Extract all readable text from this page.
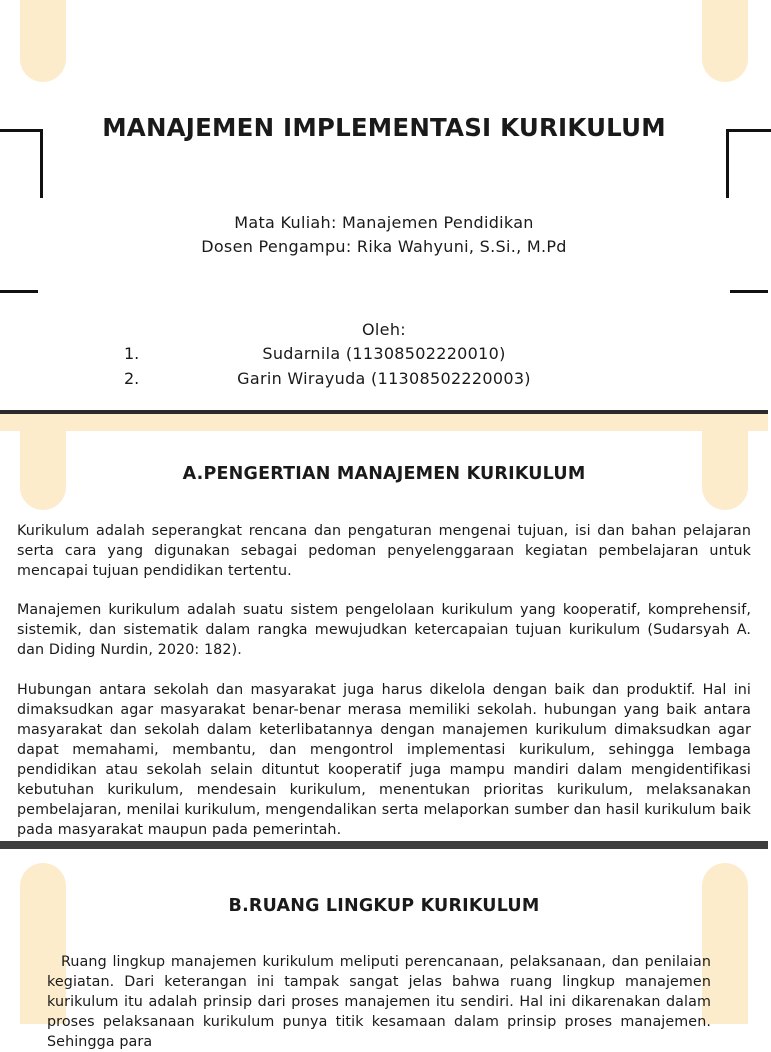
MANAJEMEN IMPLEMENTASI KURIKULUM
Mata Kuliah: Manajemen Pendidikan
Dosen Pengampu: Rika Wahyuni, S.Si., M.Pd
Oleh:
1.	Sudarnila (11308502220010)
2.	Garin Wirayuda (11308502220003)
A.PENGERTIAN MANAJEMEN KURIKULUM

Kurikulum adalah seperangkat rencana dan pengaturan mengenai tujuan, isi dan bahan pelajaran serta cara yang digunakan sebagai pedoman penyelenggaraan kegiatan pembelajaran untuk mencapai tujuan pendidikan tertentu.

Manajemen kurikulum adalah suatu sistem pengelolaan kurikulum yang kooperatif, komprehensif, sistemik, dan sistematik dalam rangka mewujudkan ketercapaian tujuan kurikulum (Sudarsyah A. dan Diding Nurdin, 2020: 182).

Hubungan antara sekolah dan masyarakat juga harus dikelola dengan baik dan produktif. Hal ini dimaksudkan agar masyarakat benar-benar merasa memiliki sekolah. hubungan yang baik antara masyarakat dan sekolah dalam keterlibatannya dengan manajemen kurikulum dimaksudkan agar dapat memahami, membantu, dan mengontrol implementasi kurikulum, sehingga lembaga pendidikan atau sekolah selain dituntut kooperatif juga mampu mandiri dalam mengidentifikasi kebutuhan kurikulum, mendesain kurikulum, menentukan prioritas kurikulum, melaksanakan pembelajaran, menilai kurikulum, mengendalikan serta melaporkan sumber dan hasil kurikulum baik pada masyarakat maupun pada pemerintah.

B.RUANG LINGKUP KURIKULUM

Ruang lingkup manajemen kurikulum meliputi perencanaan, pelaksanaan, dan penilaian kegiatan. Dari keterangan ini tampak sangat jelas bahwa ruang lingkup manajemen kurikulum itu adalah prinsip dari proses manajemen itu sendiri. Hal ini dikarenakan dalam proses pelaksanaan kurikulum punya titik kesamaan dalam prinsip proses manajemen. Sehingga para
